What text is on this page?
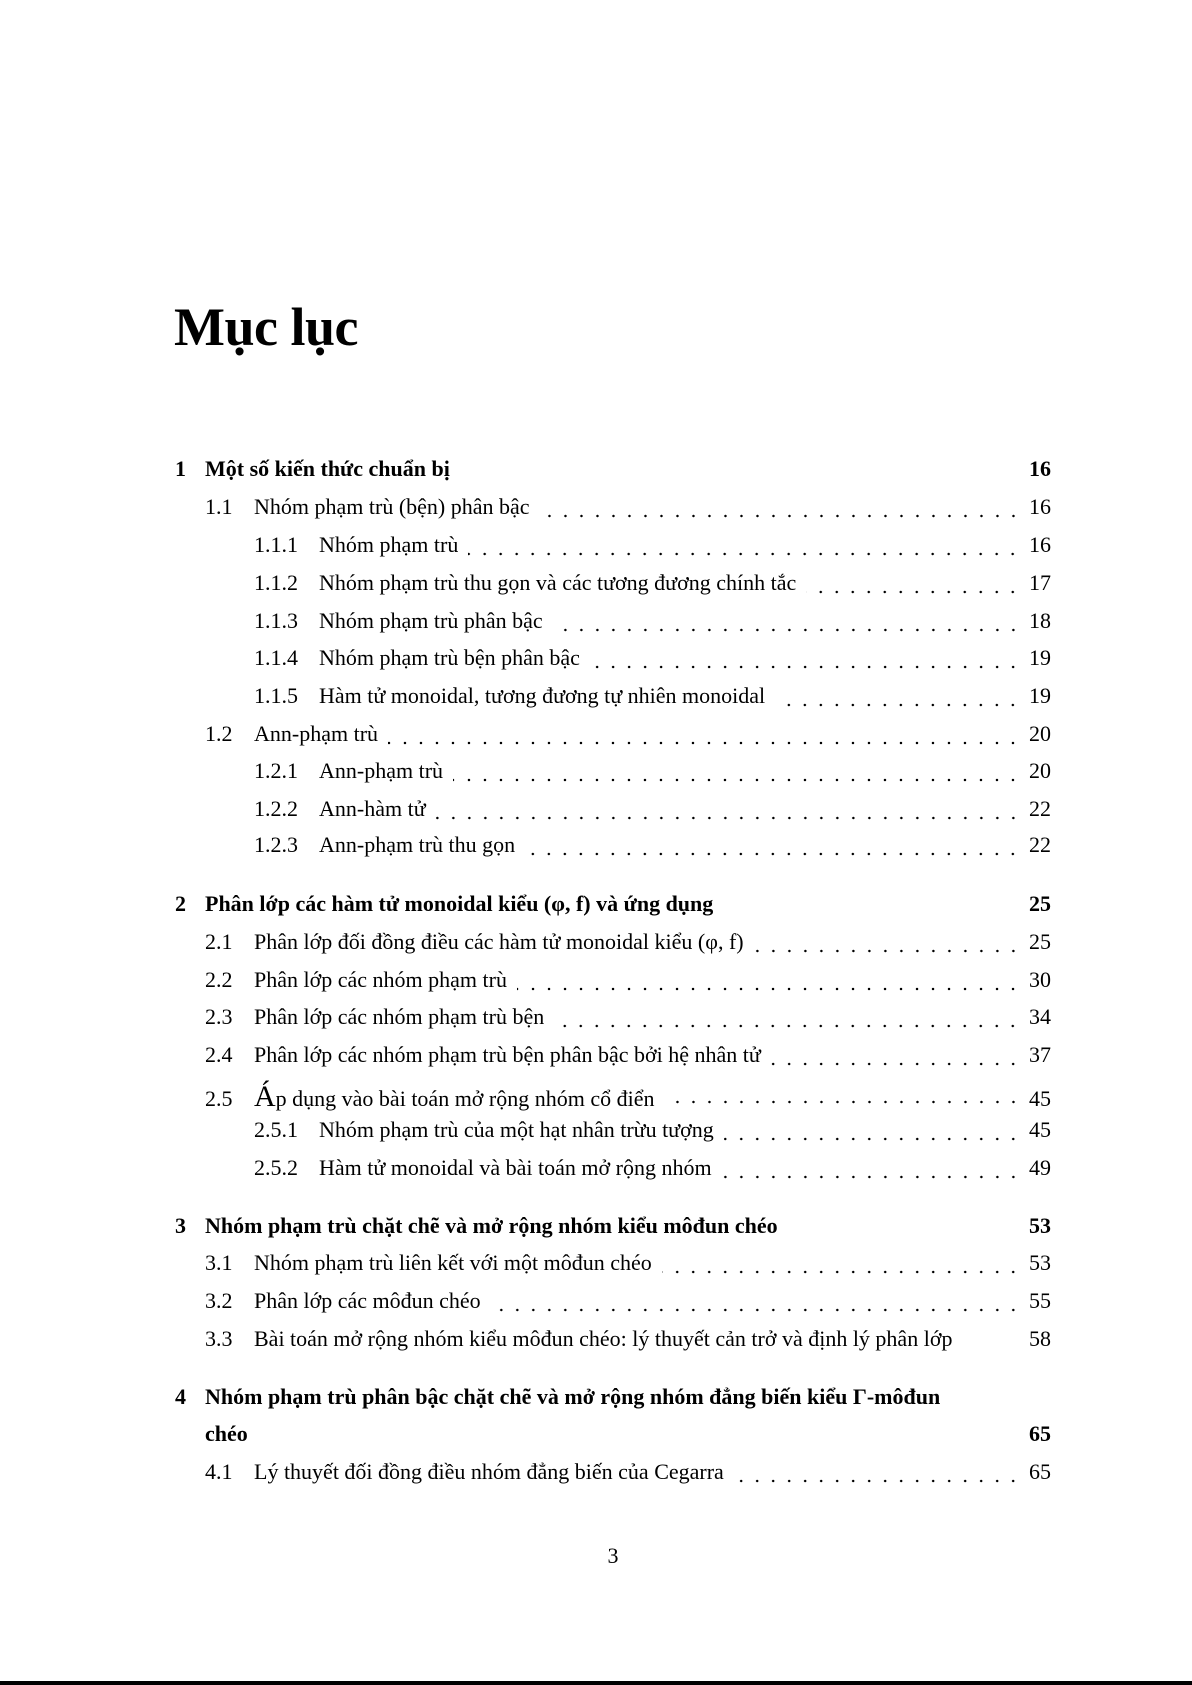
Mục lục
1 Một số kiến thức chuẩn bị	16
1.1 Nhóm phạm trù (bện) phân bậc	16
1.1.1 Nhóm phạm trù	16
1.1.2 Nhóm phạm trù thu gọn và các tương đương chính tắc	17
1.1.3 Nhóm phạm trù phân bậc	18
1.1.4 Nhóm phạm trù bện phân bậc	19
1.1.5 Hàm tử monoidal, tương đương tự nhiên monoidal	19
1.2 Ann-phạm trù	20
1.2.1 Ann-phạm trù	20
1.2.2 Ann-hàm tử	22
1.2.3 Ann-phạm trù thu gọn	22
2 Phân lớp các hàm tử monoidal kiểu (φ, f) và ứng dụng	25
2.1 Phân lớp đối đồng điều các hàm tử monoidal kiểu (φ, f)	25
2.2 Phân lớp các nhóm phạm trù	30
2.3 Phân lớp các nhóm phạm trù bện	34
2.4 Phân lớp các nhóm phạm trù bện phân bậc bởi hệ nhân tử	37
2.5 Áp dụng vào bài toán mở rộng nhóm cổ điển	45
2.5.1 Nhóm phạm trù của một hạt nhân trừu tượng	45
2.5.2 Hàm tử monoidal và bài toán mở rộng nhóm	49
3 Nhóm phạm trù chặt chẽ và mở rộng nhóm kiểu môđun chéo	53
3.1 Nhóm phạm trù liên kết với một môđun chéo	53
3.2 Phân lớp các môđun chéo	55
3.3 Bài toán mở rộng nhóm kiểu môđun chéo: lý thuyết cản trở và định lý phân lớp	58
4 Nhóm phạm trù phân bậc chặt chẽ và mở rộng nhóm đẳng biến kiểu Γ-môđun
chéo	65
4.1 Lý thuyết đối đồng điều nhóm đẳng biến của Cegarra	65
3
